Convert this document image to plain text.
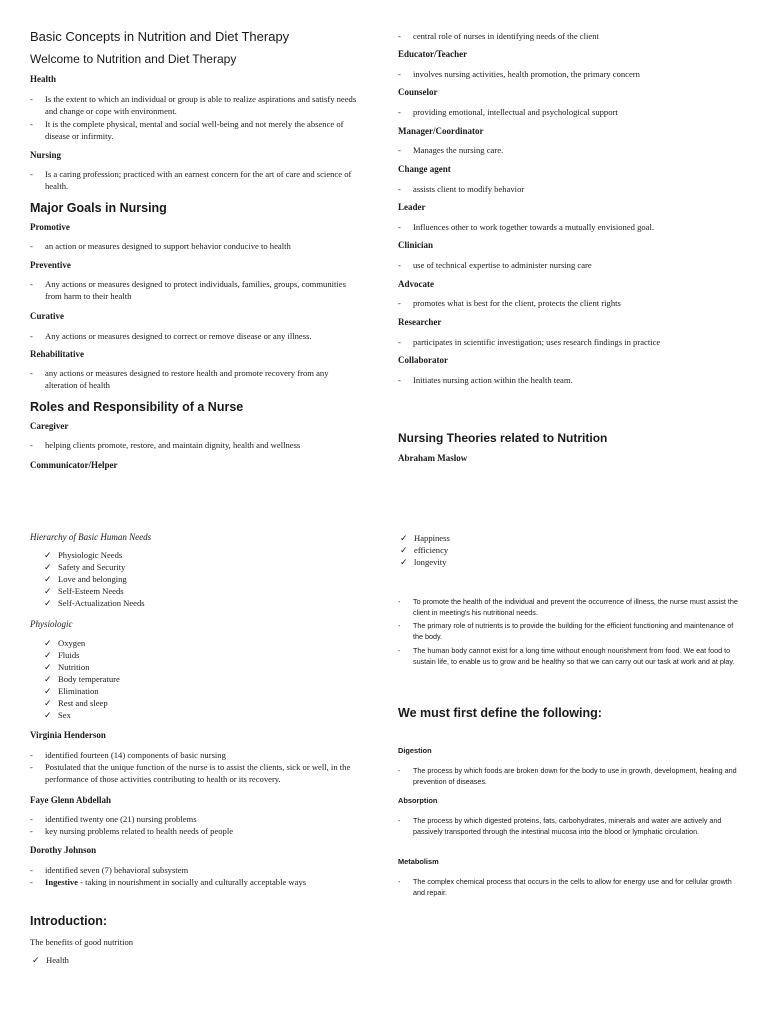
Basic Concepts in Nutrition and Diet Therapy
Welcome to Nutrition and Diet Therapy
Health
-	Is the extent to which an individual or group is able to realize aspirations and satisfy needs and change or cope with environment.
-	It is the complete physical, mental and social well-being and not merely the absence of disease or infirmity.
Nursing
-	Is a caring profession; practiced with an earnest concern for the art of care and science of health.
Major Goals in Nursing
Promotive
-	an action or measures designed to support behavior conducive to health
Preventive
-	Any actions or measures designed to protect individuals, families, groups, communities from harm to their health
Curative
-	Any actions or measures designed to correct or remove disease or any illness.
Rehabilitative
-	any actions or measures designed to restore health and promote recovery from any alteration of health
Roles and Responsibility of a Nurse
Caregiver
-	helping clients promote, restore, and maintain dignity, health and wellness
Communicator/Helper
Hierarchy of Basic Human Needs
✓ Physiologic Needs
✓ Safety and Security
✓ Love and belonging
✓ Self-Esteem Needs
✓ Self-Actualization Needs
Physiologic
✓ Oxygen
✓ Fluids
✓ Nutrition
✓ Body temperature
✓ Elimination
✓ Rest and sleep
✓ Sex
Virginia Henderson
-	identified fourteen (14) components of basic nursing
-	Postulated that the unique function of the nurse is to assist the clients, sick or well, in the performance of those activities contributing to health or its recovery.
Faye Glenn Abdellah
-	identified twenty one (21) nursing problems
-	key nursing problems related to health needs of people
Dorothy Johnson
-	identified seven (7) behavioral subsystem
-	Ingestive - taking in nourishment in socially and culturally acceptable ways
Introduction:
The benefits of good nutrition
✓ Health
-	central role of nurses in identifying needs of the client
Educator/Teacher
-	involves nursing activities, health promotion, the primary concern
Counselor
-	providing emotional, intellectual and psychological support
Manager/Coordinator
-	Manages the nursing care.
Change agent
-	assists client to modify behavior
Leader
-	Influences other to work together towards a mutually envisioned goal.
Clinician
-	use of technical expertise to administer nursing care
Advocate
-	promotes what is best for the client, protects the client rights
Researcher
-	participates in scientific investigation; uses research findings in practice
Collaborator
-	Initiates nursing action within the health team.
Nursing Theories related to Nutrition
Abraham Maslow
✓ Happiness
✓ efficiency
✓ longevity
-	To promote the health of the individual and prevent the occurrence of illness, the nurse must assist the client in meeting's his nutritional needs.
-	The primary role of nutrients is to provide the building for the efficient functioning and maintenance of the body.
-	The human body cannot exist for a long time without enough nourishment from food. We eat food to sustain life, to enable us to grow and be healthy so that we can carry out our task at work and at play.
We must first define the following:
Digestion
-	The process by which foods are broken down for the body to use in growth, development, healing and prevention of diseases.
Absorption
-	The process by which digested proteins, fats, carbohydrates, minerals and water are actively and passively transported through the intestinal mucosa into the blood or lymphatic circulation.
Metabolism
-	The complex chemical process that occurs in the cells to allow for energy use and for cellular growth and repair.
